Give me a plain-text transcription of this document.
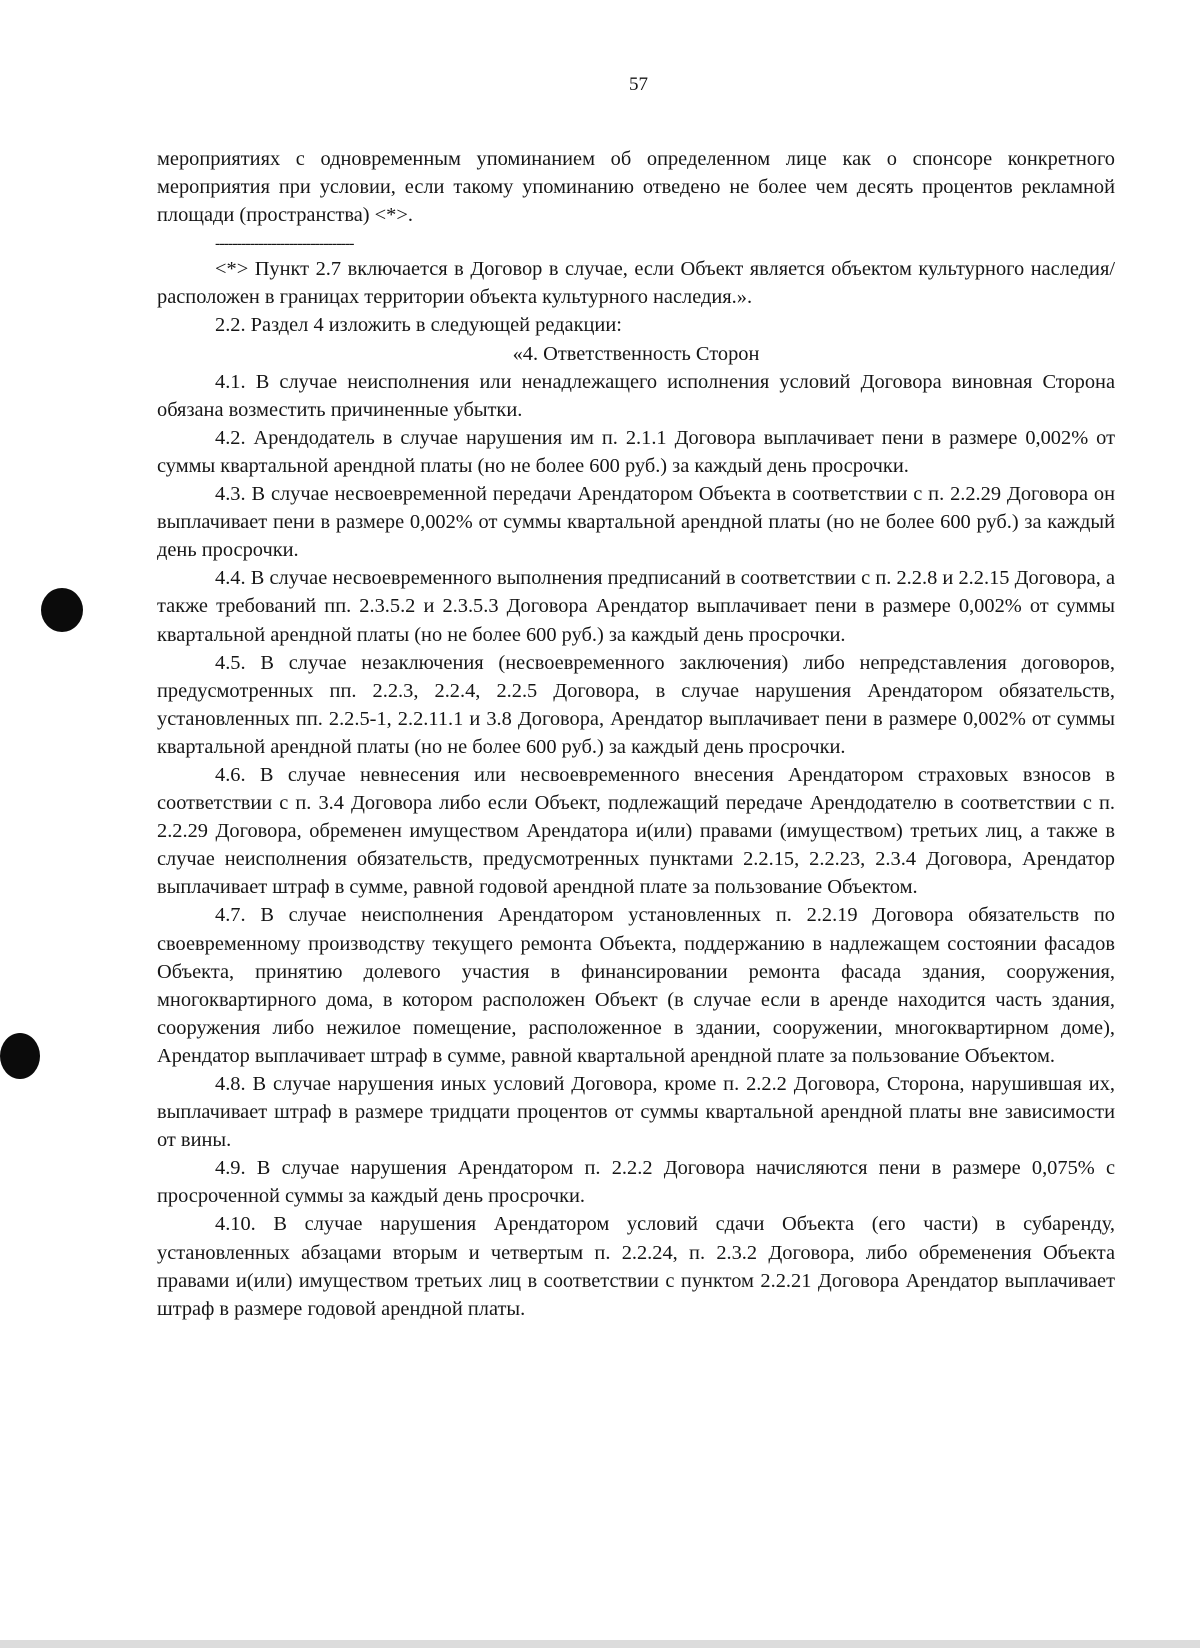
57

мероприятиях с одновременным упоминанием об определенном лице как о спонсоре конкретного мероприятия при условии, если такому упоминанию отведено не более чем десять процентов рекламной площади (пространства) <*>.

--------------------------------

<*> Пункт 2.7 включается в Договор в случае, если Объект является объектом культурного наследия/расположен в границах территории объекта культурного наследия.».

2.2. Раздел 4 изложить в следующей редакции:

«4. Ответственность Сторон

4.1. В случае неисполнения или ненадлежащего исполнения условий Договора виновная Сторона обязана возместить причиненные убытки.

4.2. Арендодатель в случае нарушения им п. 2.1.1 Договора выплачивает пени в размере 0,002% от суммы квартальной арендной платы (но не более 600 руб.) за каждый день просрочки.

4.3. В случае несвоевременной передачи Арендатором Объекта в соответствии с п. 2.2.29 Договора он выплачивает пени в размере 0,002% от суммы квартальной арендной платы (но не более 600 руб.) за каждый день просрочки.

4.4. В случае несвоевременного выполнения предписаний в соответствии с п. 2.2.8 и 2.2.15 Договора, а также требований пп. 2.3.5.2 и 2.3.5.3 Договора Арендатор выплачивает пени в размере 0,002% от суммы квартальной арендной платы (но не более 600 руб.) за каждый день просрочки.

4.5. В случае незаключения (несвоевременного заключения) либо непредставления договоров, предусмотренных пп. 2.2.3, 2.2.4, 2.2.5 Договора, в случае нарушения Арендатором обязательств, установленных пп. 2.2.5-1, 2.2.11.1 и 3.8 Договора, Арендатор выплачивает пени в размере 0,002% от суммы квартальной арендной платы (но не более 600 руб.) за каждый день просрочки.

4.6. В случае невнесения или несвоевременного внесения Арендатором страховых взносов в соответствии с п. 3.4 Договора либо если Объект, подлежащий передаче Арендодателю в соответствии с п. 2.2.29 Договора, обременен имуществом Арендатора и(или) правами (имуществом) третьих лиц, а также в случае неисполнения обязательств, предусмотренных пунктами 2.2.15, 2.2.23, 2.3.4 Договора, Арендатор выплачивает штраф в сумме, равной годовой арендной плате за пользование Объектом.

4.7. В случае неисполнения Арендатором установленных п. 2.2.19 Договора обязательств по своевременному производству текущего ремонта Объекта, поддержанию в надлежащем состоянии фасадов Объекта, принятию долевого участия в финансировании ремонта фасада здания, сооружения, многоквартирного дома, в котором расположен Объект (в случае если в аренде находится часть здания, сооружения либо нежилое помещение, расположенное в здании, сооружении, многоквартирном доме), Арендатор выплачивает штраф в сумме, равной квартальной арендной плате за пользование Объектом.

4.8. В случае нарушения иных условий Договора, кроме п. 2.2.2 Договора, Сторона, нарушившая их, выплачивает штраф в размере тридцати процентов от суммы квартальной арендной платы вне зависимости от вины.

4.9. В случае нарушения Арендатором п. 2.2.2 Договора начисляются пени в размере 0,075% с просроченной суммы за каждый день просрочки.

4.10. В случае нарушения Арендатором условий сдачи Объекта (его части) в субаренду, установленных абзацами вторым и четвертым п. 2.2.24, п. 2.3.2 Договора, либо обременения Объекта правами и(или) имуществом третьих лиц в соответствии с пунктом 2.2.21 Договора Арендатор выплачивает штраф в размере годовой арендной платы.
